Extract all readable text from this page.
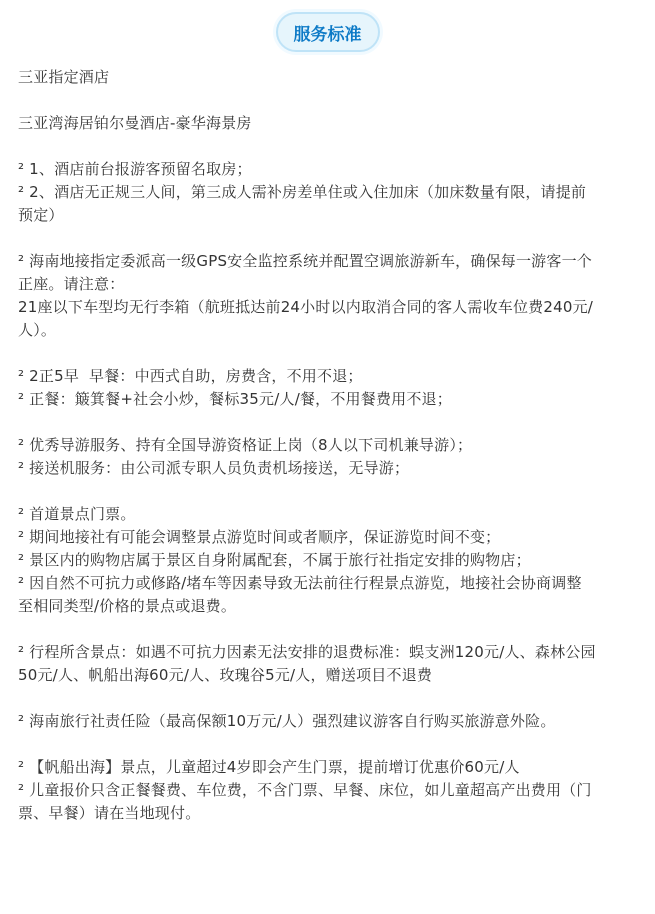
服务标准

三亚指定酒店

三亚湾海居铂尔曼酒店-豪华海景房

² 1、酒店前台报游客预留名取房；

² 2、酒店无正规三人间，第三成人需补房差单住或入住加床（加床数量有限，请提前

预定）

² 海南地接指定委派高一级GPS安全监控系统并配置空调旅游新车，确保每一游客一个

正座。请注意：

21座以下车型均无行李箱（航班抵达前24小时以内取消合同的客人需收车位费240元/

人）。

² 2正5早  早餐：中西式自助，房费含，不用不退；

² 正餐：簸箕餐+社会小炒，餐标35元/人/餐，不用餐费用不退；

² 优秀导游服务、持有全国导游资格证上岗（8人以下司机兼导游）；

² 接送机服务：由公司派专职人员负责机场接送，无导游；

² 首道景点门票。

² 期间地接社有可能会调整景点游览时间或者顺序，保证游览时间不变；

² 景区内的购物店属于景区自身附属配套，不属于旅行社指定安排的购物店；

² 因自然不可抗力或修路/堵车等因素导致无法前往行程景点游览，地接社会协商调整

至相同类型/价格的景点或退费。

² 行程所含景点：如遇不可抗力因素无法安排的退费标准：蜈支洲120元/人、森林公园

50元/人、帆船出海60元/人、玫瑰谷5元/人，赠送项目不退费

² 海南旅行社责任险（最高保额10万元/人）强烈建议游客自行购买旅游意外险。

² 【帆船出海】景点，儿童超过4岁即会产生门票，提前增订优惠价60元/人

² 儿童报价只含正餐餐费、车位费，不含门票、早餐、床位，如儿童超高产出费用（门

票、早餐）请在当地现付。
